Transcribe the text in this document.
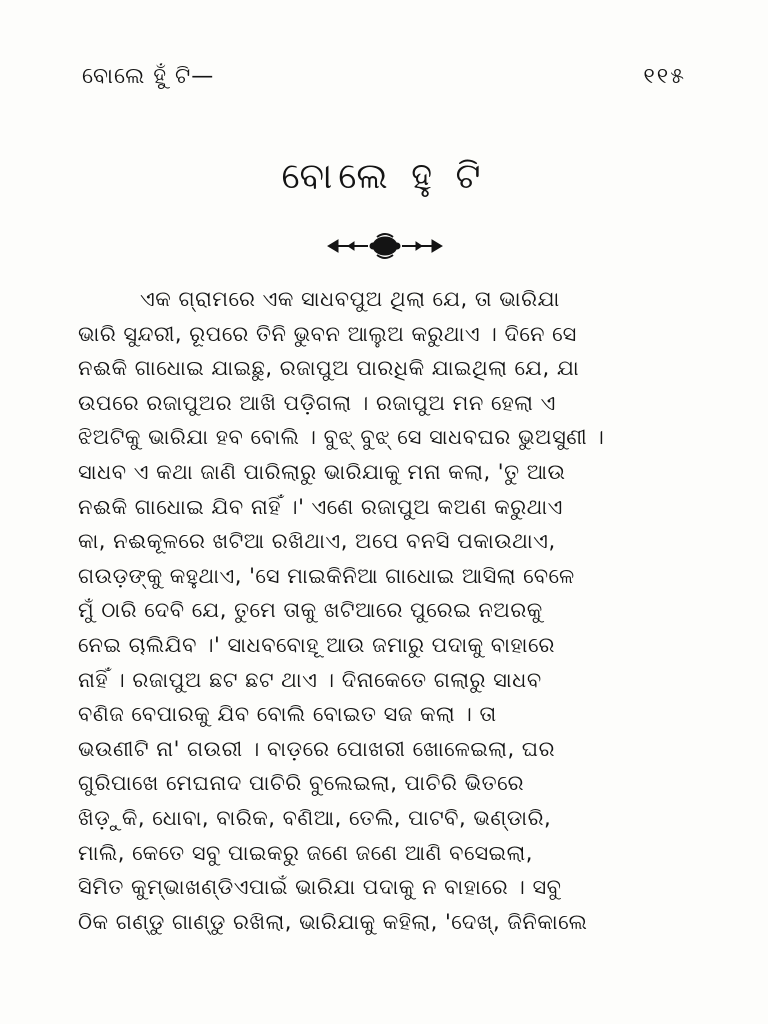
ବୋଲେ ହୁଁ ଟି—	୧୧୫
ବୋଲେ ହୁ ଟି
ଏକ ଗ୍ରାମରେ ଏକ ସାଧବପୁଅ ଥିଲା ଯେ, ତା ଭାରିଯା
ଭାରି ସୁନ୍ଦରୀ, ରୂପରେ ତିନି ଭୁବନ ଆଲୁଅ କରୁଥାଏ । ଦିନେ ସେ
ନଈକି ଗାଧୋଇ ଯାଇଛୁ, ରଜାପୁଅ ପାରଧିକି ଯାଇଥିଲା ଯେ, ଯା
ଉପରେ ରଜାପୁଅର ଆଖି ପଡ଼ିଗଲା । ରଜାପୁଅ ମନ ହେଲା ଏ
ଝିଅଟିକୁ ଭାରିଯା ହବ ବୋଲି । ବୁଝ୍ ବୁଝ୍ ସେ ସାଧବଘର ଭୁଅସୁଣୀ ।
ସାଧବ ଏ କଥା ଜାଣି ପାରିଲାରୁ ଭାରିଯାକୁ ମନା କଲା, 'ତୁ ଆଉ
ନଈକି ଗାଧୋଇ ଯିବ ନାହିଁ ।' ଏଣେ ରଜାପୁଅ କଅଣ କରୁଥାଏ
କା, ନଈକୂଳରେ ଖଟିଆ ରଖିଥାଏ, ଅପେ ବନସି ପକାଉଥାଏ,
ଗଉଡ଼ଙ୍କୁ କହୁଥାଏ, 'ସେ ମାଇକିନିଆ ଗାଧୋଇ ଆସିଲା ବେଳେ
ମୁଁ ଠାରି ଦେବି ଯେ, ତୁମେ ତାକୁ ଖଟିଆରେ ପୁରେଇ ନଅରକୁ
ନେଇ ଚାଲିଯିବ ।' ସାଧବବୋହୂ ଆଉ ଜମାରୁ ପଦାକୁ ବାହାରେ
ନାହିଁ । ରଜାପୁଅ ଛଟ ଛଟ ଥାଏ । ଦିନାକେତେ ଗଲାରୁ ସାଧବ
ବଣିଜ ବେପାରକୁ ଯିବ ବୋଲି ବୋଇତ ସଜ କଲା । ତା
ଭଉଣୀଟି ନା' ଗଉରୀ । ବାଡ଼ରେ ପୋଖରୀ ଖୋଳେଇଲା, ଘର
ଗୁରିପାଖେ ମେଘନାଦ ପାଚିରି ବୁଲେଇଲା, ପାଚିରି ଭିତରେ
ଖିଡ଼ୁକି, ଧୋବା, ବାରିକ, ବଣିଆ, ତେଲି, ପାଟବି, ଭଣ୍ଡାରି,
ମାଲି, କେତେ ସବୁ ପାଇକରୁ ଜଣେ ଜଣେ ଆଣି ବସେଇଲା,
ସିମିତ କୁମ୍ଭାଖଣ୍ଡିଏପାଇଁ ଭାରିଯା ପଦାକୁ ନ ବାହାରେ । ସବୁ
ଠିକ ଗଣ୍ଡୁ ଗାଣ୍ଡୁ ରଖିଲା, ଭାରିଯାକୁ କହିଲା, 'ଦେଖ୍, ଜିନିକାଲେ
